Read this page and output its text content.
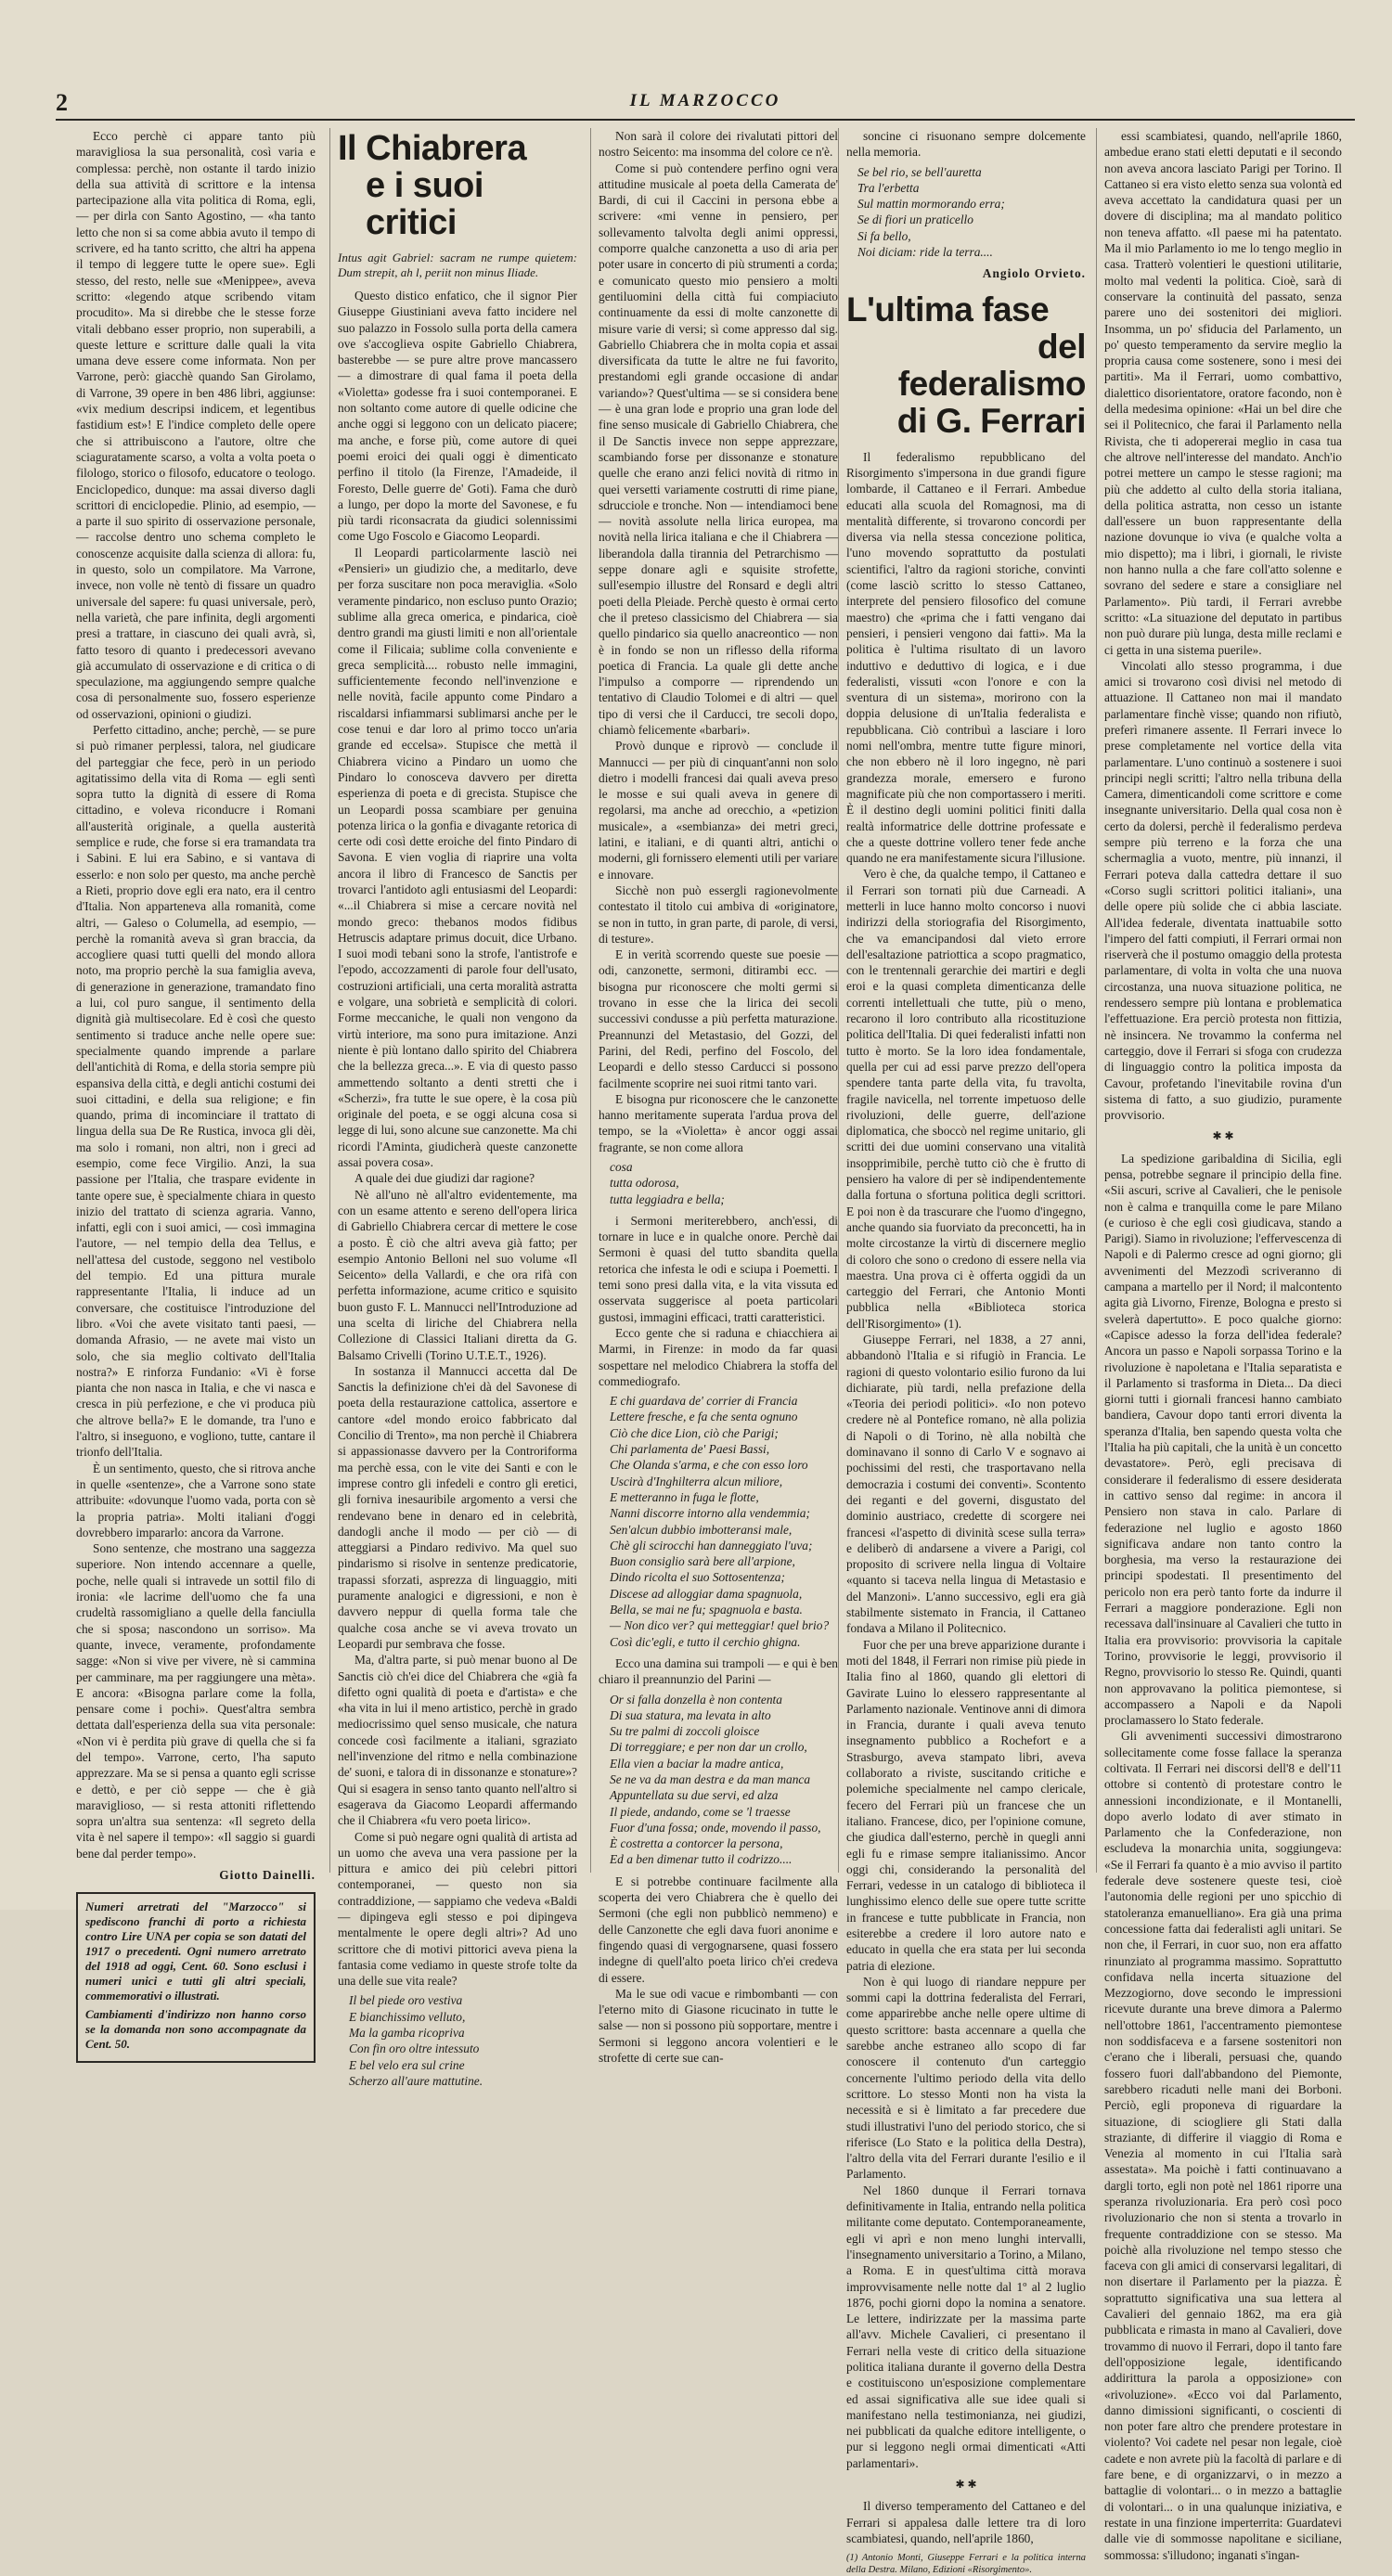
2	IL MARZOCCO

Ecco perchè ci appare tanto più maravigliosa la sua personalità, così varia e complessa: perchè, non ostante il tardo inizio della sua attività di scrittore e la intensa partecipazione alla vita politica di Roma, egli, — per dirla con Santo Agostino, — «ha tanto letto che non si sa come abbia avuto il tempo di scrivere, ed ha tanto scritto, che altri ha appena il tempo di leggere tutte le opere sue». Egli stesso, del resto, nelle sue «Menippee», aveva scritto: «legendo atque scribendo vitam procudito». Ma si direbbe che le stesse forze vitali debbano esser proprio, non superabili, a queste letture e scritture dalle quali la vita umana deve essere come informata. Non per Varrone, però: giacchè quando San Girolamo, di Varrone, 39 opere in ben 486 libri, aggiunse: «vix medium descripsi indicem, et legentibus fastidium est»! E l'indice completo delle opere che si attribuiscono a l'autore, oltre che sciaguratamente scarso, a volta a volta poeta o filologo, storico o filosofo, educatore o teologo. Enciclopedico, dunque: ma assai diverso dagli scrittori di enciclopedie. Plinio, ad esempio, — a parte il suo spirito di osservazione personale, — raccolse dentro uno schema completo le conoscenze acquisite dalla scienza di allora: fu, in questo, solo un compilatore. Ma Varrone, invece, non volle nè tentò di fissare un quadro universale del sapere: fu quasi universale, però, nella varietà, che pare infinita, degli argomenti presi a trattare, in ciascuno dei quali avrà, sì, fatto tesoro di quanto i predecessori avevano già accumulato di osservazione e di critica o di speculazione, ma aggiungendo sempre qualche cosa di personalmente suo, fossero esperienze od osservazioni, opinioni o giudizi.

Perfetto cittadino, anche; perchè, — se pure si può rimaner perplessi, talora, nel giudicare del parteggiar che fece, però in un periodo agitatissimo della vita di Roma — egli sentì sopra tutto la dignità di essere di Roma cittadino, e voleva riconducre i Romani all'austerità originale, a quella austerità semplice e rude, che forse si era tramandata tra i Sabini. E lui era Sabino, e si vantava di esserlo: e non solo per questo, ma anche perchè a Rieti, proprio dove egli era nato, era il centro d'Italia. Non apparteneva alla romanità, come altri, — Galeso o Columella, ad esempio, — perchè la romanità aveva sì gran braccia, da accogliere quasi tutti quelli del mondo allora noto, ma proprio perchè la sua famiglia aveva, di generazione in generazione, tramandato fino a lui, col puro sangue, il sentimento della dignità già multisecolare. Ed è così che questo sentimento si traduce anche nelle opere sue: specialmente quando imprende a parlare dell'antichità di Roma, e della storia sempre più espansiva della città, e degli antichi costumi dei suoi cittadini, e della sua religione; e fin quando, prima di incominciare il trattato di lingua della sua De Re Rustica, invoca gli dèi, ma solo i romani, non altri, non i greci ad esempio, come fece Virgilio. Anzi, la sua passione per l'Italia, che traspare evidente in tante opere sue, è specialmente chiara in questo inizio del trattato di scienza agraria. Vanno, infatti, egli con i suoi amici, — così immagina l'autore, — nel tempio della dea Tellus, e nell'attesa del custode, seggono nel vestibolo del tempio. Ed una pittura murale rappresentante l'Italia, li induce ad un conversare, che costituisce l'introduzione del libro. «Voi che avete visitato tanti paesi, — domanda Afrasio, — ne avete mai visto un solo, che sia meglio coltivato dell'Italia nostra?» E rinforza Fundanio: «Vi è forse pianta che non nasca in Italia, e che vi nasca e cresca in più perfezione, e che vi produca più che altrove bella?» E le domande, tra l'uno e l'altro, si inseguono, e vogliono, tutte, cantare il trionfo dell'Italia.

È un sentimento, questo, che si ritrova anche in quelle «sentenze», che a Varrone sono state attribuite: «dovunque l'uomo vada, porta con sè la propria patria». Molti italiani d'oggi dovrebbero impararlo: ancora da Varrone.

Sono sentenze, che mostrano una saggezza superiore. Non intendo accennare a quelle, poche, nelle quali si intravede un sottil filo di ironia: «le lacrime dell'uomo che fa una crudeltà rassomigliano a quelle della fanciulla che si sposa; nascondono un sorriso». Ma quante, invece, veramente, profondamente sagge: «Non si vive per vivere, nè si cammina per camminare, ma per raggiungere una mèta». E ancora: «Bisogna parlare come la folla, pensare come i pochi». Quest'altra sembra dettata dall'esperienza della sua vita personale: «Non vi è perdita più grave di quella che si fa del tempo». Varrone, certo, l'ha saputo apprezzare. Ma se si pensa a quanto egli scrisse e dettò, e per ciò seppe — che è già maraviglioso, — si resta attoniti riflettendo sopra un'altra sua sentenza: «Il segreto della vita è nel sapere il tempo»: «Il saggio si guardi bene dal perder tempo».

Giotto Dainelli.

Numeri arretrati del "Marzocco" si spediscono franchi di porto a richiesta contro Lire UNA per copia se son datati del 1917 o precedenti. Ogni numero arretrato del 1918 ad oggi, Cent. 60. Sono esclusi i numeri unici e tutti gli altri speciali, commemorativi o illustrati.

Cambiamenti d'indirizzo non hanno corso se la domanda non sono accompagnate da Cent. 50.

Il Chiabrera
e i suoi critici
Intus agit Gabriel: sacram ne rumpe quietem: Dum strepit, ah l, periit non minus Iliade.

Questo distico enfatico, che il signor Pier Giuseppe Giustiniani aveva fatto incidere nel suo palazzo in Fossolo sulla porta della camera ove s'accoglieva ospite Gabriello Chiabrera, basterebbe — se pure altre prove mancassero — a dimostrare di qual fama il poeta della «Violetta» godesse fra i suoi contemporanei. E non soltanto come autore di quelle odicine che anche oggi si leggono con un delicato piacere; ma anche, e forse più, come autore di quei poemi eroici dei quali oggi è dimenticato perfino il titolo (la Firenze, l'Amadeide, il Foresto, Delle guerre de' Goti). Fama che durò a lungo, per dopo la morte del Savonese, e fu più tardi riconsacrata da giudici solennissimi come Ugo Foscolo e Giacomo Leopardi.

Il Leopardi particolarmente lasciò nei «Pensieri» un giudizio che, a meditarlo, deve per forza suscitare non poca meraviglia. «Solo veramente pindarico, non escluso punto Orazio; sublime alla greca omerica, e pindarica, cioè dentro grandi ma giusti limiti e non all'orientale come il Filicaia; sublime colla conveniente e greca semplicità.... robusto nelle immagini, sufficientemente fecondo nell'invenzione e nelle novità, facile appunto come Pindaro a riscaldarsi infiammarsi sublimarsi anche per le cose tenui e dar loro al primo tocco un'aria grande ed eccelsa». Stupisce che mettà il Chiabrera vicino a Pindaro un uomo che Pindaro lo conosceva davvero per diretta esperienza di poeta e di grecista. Stupisce che un Leopardi possa scambiare per genuina potenza lirica o la gonfia e divagante retorica di certe odi così dette eroiche del finto Pindaro di Savona. E vien voglia di riaprire una volta ancora il libro di Francesco de Sanctis per trovarci l'antidoto agli entusiasmi del Leopardi: «...il Chiabrera si mise a cercare novità nel mondo greco: thebanos modos fidibus Hetruscis adaptare primus docuit, dice Urbano. I suoi modi tebani sono la strofe, l'antistrofe e l'epodo, accozzamenti di parole four dell'usato, costruzioni artificiali, una certa moralità astratta e volgare, una sobrietà e semplicità di colori. Forme meccaniche, le quali non vengono da virtù interiore, ma sono pura imitazione. Anzi niente è più lontano dallo spirito del Chiabrera che la bellezza greca...». E via di questo passo ammettendo soltanto a denti stretti che i «Scherzi», fra tutte le sue opere, è la cosa più originale del poeta, e se oggi alcuna cosa si legge di lui, sono alcune sue canzonette. Ma chi ricordi l'Aminta, giudicherà queste canzonette assai povera cosa».

A quale dei due giudizi dar ragione?

Nè all'uno nè all'altro evidentemente, ma con un esame attento e sereno dell'opera lirica di Gabriello Chiabrera cercar di mettere le cose a posto. È ciò che altri aveva già fatto; per esempio Antonio Belloni nel suo volume «Il Seicento» della Vallardi, e che ora rifà con perfetta informazione, acume critico e squisito buon gusto F. L. Mannucci nell'Introduzione ad una scelta di liriche del Chiabrera nella Collezione di Classici Italiani diretta da G. Balsamo Crivelli (Torino U.T.E.T., 1926).

In sostanza il Mannucci accetta dal De Sanctis la definizione ch'ei dà del Savonese di poeta della restaurazione cattolica, assertore e cantore «del mondo eroico fabbricato dal Concilio di Trento», ma non perchè il Chiabrera si appassionasse davvero per la Controriforma ma perchè essa, con le vite dei Santi e con le imprese contro gli infedeli e contro gli eretici, gli forniva inesauribile argomento a versi che rendevano bene in denaro ed in celebrità, dandogli anche il modo — per ciò — di atteggiarsi a Pindaro redivivo. Ma quel suo pindarismo si risolve in sentenze predicatorie, trapassi sforzati, asprezza di linguaggio, miti puramente analogici e digressioni, e non è davvero neppur di quella forma tale che qualche cosa anche se vi aveva trovato un Leopardi pur sembrava che fosse.

Ma, d'altra parte, si può menar buono al De Sanctis ciò ch'ei dice del Chiabrera che «già fa difetto ogni qualità di poeta e d'artista» e che «ha vita in lui il meno artistico, perchè in grado mediocrissimo quel senso musicale, che natura concede così facilmente a italiani, sgraziato nell'invenzione del ritmo e nella combinazione de' suoni, e talora di in dissonanze e stonature»? Qui si esagera in senso tanto quanto nell'altro si esagerava da Giacomo Leopardi affermando che il Chiabrera «fu vero poeta lirico».

Come si può negare ogni qualità di artista ad un uomo che aveva una vera passione per la pittura e amico dei più celebri pittori contemporanei, — questo non sia contraddizione, — sappiamo che vedeva «Baldi — dipingeva egli stesso e poi dipingeva mentalmente le opere degli altri»? Ad uno scrittore che di motivi pittorici aveva piena la fantasia come vediamo in queste strofe tolte da una delle sue vita reale?

Il bel piede oro vestiva
E bianchissimo velluto,
Ma la gamba ricopriva
Con fin oro oltre intessuto
E bel velo era sul crine
Scherzo all'aure mattutine.

Non sarà il colore dei rivalutati pittori del nostro Seicento: ma insomma del colore ce n'è.

Come si può contendere perfino ogni vera attitudine musicale al poeta della Camerata de' Bardi, di cui il Caccini in persona ebbe a scrivere: «mi venne in pensiero, per sollevamento talvolta degli animi oppressi, comporre qualche canzonetta a uso di aria per poter usare in concerto di più strumenti a corda; e comunicato questo mio pensiero a molti gentiluomini della città fui compiaciuto continuamente da essi di molte canzonette di misure varie di versi; sì come appresso dal sig. Gabriello Chiabrera che in molta copia et assai diversificata da tutte le altre ne fui favorito, prestandomi egli grande occasione di andar variando»? Quest'ultima — se si considera bene — è una gran lode e proprio una gran lode del fine senso musicale di Gabriello Chiabrera, che il De Sanctis invece non seppe apprezzare, scambiando forse per dissonanze e stonature quelle che erano anzi felici novità di ritmo in quei versetti variamente costrutti di rime piane, sdrucciole e tronche. Non — intendiamoci bene — novità assolute nella lirica europea, ma novità nella lirica italiana e che il Chiabrera — liberandola dalla tirannia del Petrarchismo — seppe donare agli e squisite strofette, sull'esempio illustre del Ronsard e degli altri poeti della Pleiade. Perchè questo è ormai certo che il preteso classicismo del Chiabrera — sia quello pindarico sia quello anacreontico — non è in fondo se non un riflesso della riforma poetica di Francia. La quale gli dette anche l'impulso a comporre — riprendendo un tentativo di Claudio Tolomei e di altri — quel tipo di versi che il Carducci, tre secoli dopo, chiamò felicemente «barbari».

Provò dunque e riprovò — conclude il Mannucci — per più di cinquant'anni non solo dietro i modelli francesi dai quali aveva preso le mosse e sui quali aveva in genere di regolarsi, ma anche ad orecchio, a «petizion musicale», a «sembianza» dei metri greci, latini, e italiani, e di quanti altri, antichi o moderni, gli fornissero elementi utili per variare e innovare.

Sicchè non può essergli ragionevolmente contestato il titolo cui ambiva di «originatore, se non in tutto, in gran parte, di parole, di versi, di testure».

E in verità scorrendo queste sue poesie — odi, canzonette, sermoni, ditirambi ecc. — bisogna pur riconoscere che molti germi si trovano in esse che la lirica dei secoli successivi condusse a più perfetta maturazione. Preannunzi del Metastasio, del Gozzi, del Parini, del Redi, perfino del Foscolo, del Leopardi e dello stesso Carducci si possono facilmente scoprire nei suoi ritmi tanto vari.

E bisogna pur riconoscere che le canzonette hanno meritamente superata l'ardua prova del tempo, se la «Violetta» è ancor oggi assai fragrante, se non come allora

cosa
tutta odorosa,
tutta leggiadra e bella;

i Sermoni meriterebbero, anch'essi, di tornare in luce e in qualche onore. Perchè dai Sermoni è quasi del tutto sbandita quella retorica che infesta le odi e sciupa i Poemetti. I temi sono presi dalla vita, e la vita vissuta ed osservata suggerisce al poeta particolari gustosi, immagini efficaci, tratti caratteristici.

Ecco gente che si raduna e chiacchiera ai Marmi, in Firenze: in modo da far quasi sospettare nel melodico Chiabrera la stoffa del commediografo.

E chi guardava de' corrier di Francia
Lettere fresche, e fa che senta ognuno
Ciò che dice Lion, ciò che Parigi;
Chi parlamenta de' Paesi Bassi,
Che Olanda s'arma, e che con esso loro
Uscirà d'Inghilterra alcun miliore,
E metteranno in fuga le flotte,
Nanni discorre intorno alla vendemmia;
Sen'alcun dubbio imbotteransi male,
Chè gli scirocchi han danneggiato l'uva;
Buon consiglio sarà bere all'arpione,
Dindo ricolta el suo Sottosentenza;
Discese ad alloggiar dama spagnuola,
Bella, se mai ne fu; spagnuola e basta.
— Non dico ver? qui metteggiar! quel brio?
Così dic'egli, e tutto il cerchio ghigna.

Ecco una damina sui trampoli — e qui è ben chiaro il preannunzio del Parini —

Or si falla donzella è non contenta
Di sua statura, ma levata in alto
Su tre palmi di zoccoli gloisce
Di torreggiare; e per non dar un crollo,
Ella vien a baciar la madre antica,
Se ne va da man destra e da man manca
Appuntellata su due servi, ed alza
Il piede, andando, come se 'l traesse
Fuor d'una fossa; onde, movendo il passo,
È costretta a contorcer la persona,
Ed a ben dimenar tutto il codrizzo....

E si potrebbe continuare facilmente alla scoperta dei vero Chiabrera che è quello dei Sermoni (che egli non pubblicò nemmeno) e delle Canzonette che egli dava fuori anonime e fingendo quasi di vergognarsene, quasi fossero indegne di quell'alto poeta lirico ch'ei credeva di essere.

Ma le sue odi vacue e rimbombanti — con l'eterno mito di Giasone ricucinato in tutte le salse — non si possono più sopportare, mentre i Sermoni si leggono ancora volentieri e le strofette di certe sue can-

soncine ci risuonano sempre dolcemente nella memoria.

Se bel rio, se bell'auretta
Tra l'erbetta
Sul mattin mormorando erra;
Se di fiori un praticello
Si fa bello,
Noi diciam: ride la terra....
Angiolo Orvieto.
L'ultima fase

del federalismo
di G. Ferrari

Il federalismo repubblicano del Risorgimento s'impersona in due grandi figure lombarde, il Cattaneo e il Ferrari. Ambedue educati alla scuola del Romagnosi, ma di mentalità differente, si trovarono concordi per diversa via nella stessa concezione politica, l'uno movendo soprattutto da postulati scientifici, l'altro da ragioni storiche, convinti (come lasciò scritto lo stesso Cattaneo, interprete del pensiero filosofico del comune maestro) che «prima che i fatti vengano dai pensieri, i pensieri vengono dai fatti». Ma la politica è l'ultima risultato di un lavoro induttivo e deduttivo di logica, e i due federalisti, vissuti «con l'onore e con la sventura di un sistema», morirono con la doppia delusione di un'Italia federalista e repubblicana. Ciò contribuì a lasciare i loro nomi nell'ombra, mentre tutte figure minori, che non ebbero nè il loro ingegno, nè pari grandezza morale, emersero e furono magnificate più che non comportassero i meriti. È il destino degli uomini politici finiti dalla realtà informatrice delle dottrine professate e che a queste dottrine vollero tener fede anche quando ne era manifestamente sicura l'illusione.

Vero è che, da qualche tempo, il Cattaneo e il Ferrari son tornati più due Carneadi. A metterli in luce hanno molto concorso i nuovi indirizzi della storiografia del Risorgimento, che va emancipandosi dal vieto errore dell'esaltazione patriottica a scopo pragmatico, con le trentennali gerarchie dei martiri e degli eroi e la quasi completa dimenticanza delle correnti intellettuali che tutte, più o meno, recarono il loro contributo alla ricostituzione politica dell'Italia. Di quei federalisti infatti non tutto è morto. Se la loro idea fondamentale, quella per cui ad essi parve prezzo dell'opera spendere tanta parte della vita, fu travolta, fragile navicella, nel torrente impetuoso delle rivoluzioni, delle guerre, dell'azione diplomatica, che sboccò nel regime unitario, gli scritti dei due uomini conservano una vitalità insopprimibile, perchè tutto ciò che è frutto di pensiero ha valore di per sè indipendentemente dalla fortuna o sfortuna politica degli scrittori. E poi non è da trascurare che l'uomo d'ingegno, anche quando sia fuorviato da preconcetti, ha in molte circostanze la virtù di discernere meglio di coloro che sono o credono di essere nella via maestra. Una prova ci è offerta oggidì da un carteggio del Ferrari, che Antonio Monti pubblica nella «Biblioteca storica dell'Risorgimento» (1).

Giuseppe Ferrari, nel 1838, a 27 anni, abbandonò l'Italia e si rifugiò in Francia. Le ragioni di questo volontario esilio furono da lui dichiarate, più tardi, nella prefazione della «Teoria dei periodi politici». «Io non potevo credere nè al Pontefice romano, nè alla polizia di Napoli o di Torino, nè alla nobiltà che dominavano il sonno di Carlo V e sognavo ai pochissimi del resti, che trasportavano nella democrazia i costumi dei conventi». Scontento dei reganti e del governi, disgustato del dominio austriaco, credette di scorgere nei francesi «l'aspetto di divinità scese sulla terra» e deliberò di andarsene a vivere a Parigi, col proposito di scrivere nella lingua di Voltaire «quanto si taceva nella lingua di Metastasio e del Manzoni». L'anno successivo, egli era già stabilmente sistemato in Francia, il Cattaneo fondava a Milano il Politecnico.

Fuor che per una breve apparizione durante i moti del 1848, il Ferrari non rimise più piede in Italia fino al 1860, quando gli elettori di Gavirate Luino lo elessero rappresentante al Parlamento nazionale. Ventinove anni di dimora in Francia, durante i quali aveva tenuto insegnamento pubblico a Rochefort e a Strasburgo, aveva stampato libri, aveva collaborato a riviste, suscitando critiche e polemiche specialmente nel campo clericale, fecero del Ferrari più un francese che un italiano. Francese, dico, per l'opinione comune, che giudica dall'esterno, perchè in quegli anni egli fu e rimase sempre italianissimo. Ancor oggi chi, considerando la personalità del Ferrari, vedesse in un catalogo di biblioteca il lunghissimo elenco delle sue opere tutte scritte in francese e tutte pubblicate in Francia, non esiterebbe a credere il loro autore nato e educato in quella che era stata per lui seconda patria di elezione.

Non è qui luogo di riandare neppure per sommi capi la dottrina federalista del Ferrari, come apparirebbe anche nelle opere ultime di questo scrittore: basta accennare a quella che sarebbe anche estraneo allo scopo di far conoscere il contenuto d'un carteggio concernente l'ultimo periodo della vita dello scrittore. Lo stesso Monti non ha vista la necessità e si è limitato a far precedere due studi illustrativi l'uno del periodo storico, che si riferisce (Lo Stato e la politica della Destra), l'altro della vita del Ferrari durante l'esilio e il Parlamento.

Nel 1860 dunque il Ferrari tornava definitivamente in Italia, entrando nella politica militante come deputato. Contemporaneamente, egli vi aprì e non meno lunghi intervalli, l'insegnamento universitario a Torino, a Milano, a Roma. E in quest'ultima città morava improvvisamente nelle notte dal 1º al 2 luglio 1876, pochi giorni dopo la nomina a senatore. Le lettere, indirizzate per la massima parte all'avv. Michele Cavalieri, ci presentano il Ferrari nella veste di critico della situazione politica italiana durante il governo della Destra e costituiscono un'esposizione complementare ed assai significativa alle sue idee quali si manifestano nella testimonianza, nei giudizi, nei pubblicati da qualche editore intelligente, o pur si leggono negli ormai dimenticati «Atti parlamentari».

✱ ✱

Il diverso temperamento del Cattaneo e del Ferrari si appalesa dalle lettere tra di loro scambiatesi, quando, nell'aprile 1860,

(1) Antonio Monti, Giuseppe Ferrari e la politica interna della Destra. Milano, Edizioni «Risorgimento».

essi scambiatesi, quando, nell'aprile 1860, ambedue erano stati eletti deputati e il secondo non aveva ancora lasciato Parigi per Torino. Il Cattaneo si era visto eletto senza sua volontà ed aveva accettato la candidatura quasi per un dovere di disciplina; ma al mandato politico non teneva affatto. «Il paese mi ha patentato. Ma il mio Parlamento io me lo tengo meglio in casa. Tratterò volentieri le questioni utilitarie, molto mal vedenti la politica. Cioè, sarà di conservare la continuità del passato, senza parere uno dei sostenitori dei migliori. Insomma, un po' sfiducia del Parlamento, un po' questo temperamento da servire meglio la propria causa come sostenere, sono i mesi dei partiti». Ma il Ferrari, uomo combattivo, dialettico disorientatore, oratore facondo, non è della medesima opinione: «Hai un bel dire che sei il Politecnico, che farai il Parlamento nella Rivista, che ti adopererai meglio in casa tua che altrove nell'interesse del mandato. Anch'io potrei mettere un campo le stesse ragioni; ma più che addetto al culto della storia italiana, della politica astratta, non cesso un istante dall'essere un buon rappresentante della nazione dovunque io viva (e qualche volta a mio dispetto); ma i libri, i giornali, le riviste non hanno nulla a che fare coll'atto solenne e sovrano del sedere e stare a consigliare nel Parlamento». Più tardi, il Ferrari avrebbe scritto: «La situazione del deputato in partibus non può durare più lunga, desta mille reclami e ci getta in una sistema puerile».

Vincolati allo stesso programma, i due amici si trovarono così divisi nel metodo di attuazione. Il Cattaneo non mai il mandato parlamentare finchè visse; quando non rifiutò, preferì rimanere assente. Il Ferrari invece lo prese completamente nel vortice della vita parlamentare. L'uno continuò a sostenere i suoi principi negli scritti; l'altro nella tribuna della Camera, dimenticandoli come scrittore e come insegnante universitario. Della qual cosa non è certo da dolersi, perchè il federalismo perdeva sempre più terreno e la forza che una schermaglia a vuoto, mentre, più innanzi, il Ferrari poteva dalla cattedra dettare il suo «Corso sugli scrittori politici italiani», una delle opere più solide che ci abbia lasciate. All'idea federale, diventata inattuabile sotto l'impero del fatti compiuti, il Ferrari ormai non riserverà che il postumo omaggio della protesta parlamentare, di volta in volta che una nuova circostanza, una nuova situazione politica, ne rendessero sempre più lontana e problematica l'effettuazione. Era perciò protesta non fittizia, nè insincera. Ne trovammo la conferma nel carteggio, dove il Ferrari si sfoga con crudezza di linguaggio contro la politica imposta da Cavour, profetando l'inevitabile rovina d'un sistema di fatto, a suo giudizio, puramente provvisorio.

✱ ✱

La spedizione garibaldina di Sicilia, egli pensa, potrebbe segnare il principio della fine. «Sii ascuri, scrive al Cavalieri, che le penisole non è calma e tranquilla come le pare Milano (e curioso è che egli così giudicava, stando a Parigi). Siamo in rivoluzione; l'effervescenza di Napoli e di Palermo cresce ad ogni giorno; gli avvenimenti del Mezzodì scriveranno di campana a martello per il Nord; il malcontento agita già Livorno, Firenze, Bologna e presto si svelerà dapertutto». E poco qualche giorno: «Capisce adesso la forza dell'idea federale? Ancora un passo e Napoli sorpassa Torino e la rivoluzione è napoletana e l'Italia separatista e il Parlamento si trasforma in Dieta... Da dieci giorni tutti i giornali francesi hanno cambiato bandiera, Cavour dopo tanti errori diventa la speranza d'Italia, ben sapendo questa volta che l'Italia ha più capitali, che la unità è un concetto devastatore». Però, egli precisava di considerare il federalismo di essere desiderata in cattivo senso dal regime: in ancora il Pensiero non stava in calo. Parlare di federazione nel luglio e agosto 1860 significava andare non tanto contro la borghesia, ma verso la restaurazione dei principi spodestati. Il presentimento del pericolo non era però tanto forte da indurre il Ferrari a maggiore ponderazione. Egli non recessava dall'insinuare al Cavalieri che tutto in Italia era provvisorio: provvisoria la capitale Torino, provvisorie le leggi, provvisorio il Regno, provvisorio lo stesso Re. Quindi, quanti non approvavano la politica piemontese, si accompassero a Napoli e da Napoli proclamassero lo Stato federale.

Gli avvenimenti successivi dimostrarono sollecitamente come fosse fallace la speranza coltivata. Il Ferrari nei discorsi dell'8 e dell'11 ottobre si contentò di protestare contro le annessioni incondizionate, e il Montanelli, dopo averlo lodato di aver stimato in Parlamento che la Confederazione, non escludeva la monarchia unita, soggiungeva: «Se il Ferrari fa quanto è a mio avviso il partito federale deve sostenere queste tesi, cioè l'autonomia delle regioni per uno spicchio di statoleranza emanuelliano». Era già una prima concessione fatta dai federalisti agli unitari. Se non che, il Ferrari, in cuor suo, non era affatto rinunziato al programma massimo. Soprattutto confidava nella incerta situazione del Mezzogiorno, dove secondo le impressioni ricevute durante una breve dimora a Palermo nell'ottobre 1861, l'accentramento piemontese non soddisfaceva e a farsene sostenitori non c'erano che i liberali, persuasi che, quando fossero fuori dall'abbandono del Piemonte, sarebbero ricaduti nelle mani dei Borboni. Perciò, egli proponeva di riguardare la situazione, di sciogliere gli Stati dalla straziante, di differire il viaggio di Roma e Venezia al momento in cui l'Italia sarà assestata». Ma poichè i fatti continuavano a dargli torto, egli non potè nel 1861 riporre una speranza rivoluzionaria. Era però così poco rivoluzionario che non si stenta a trovarlo in frequente contraddizione con se stesso. Ma poichè alla rivoluzione nel tempo stesso che faceva con gli amici di conservarsi legalitari, di non disertare il Parlamento per la piazza. È soprattutto significativa una sua lettera al Cavalieri del gennaio 1862, ma era già pubblicata e rimasta in mano al Cavalieri, dove trovammo di nuovo il Ferrari, dopo il tanto fare dell'opposizione legale, identificando addirittura la parola a opposizione» con «rivoluzione». «Ecco voi dal Parlamento, danno dimissioni significanti, o coscienti di non poter fare altro che prendere protestare in violento? Voi cadete nel pesar non legale, cioè cadete e non avrete più la facoltà di parlare e di fare bene, e di organizzarvi, o in mezzo a battaglie di volontari... o in mezzo a battaglie di volontari... o in una qualunque iniziativa, e restate in una finzione imperterrita: Guardatevi dalle vie di sommosse napolitane e siciliane, sommossa: s'illudono; inganati s'ingan-
